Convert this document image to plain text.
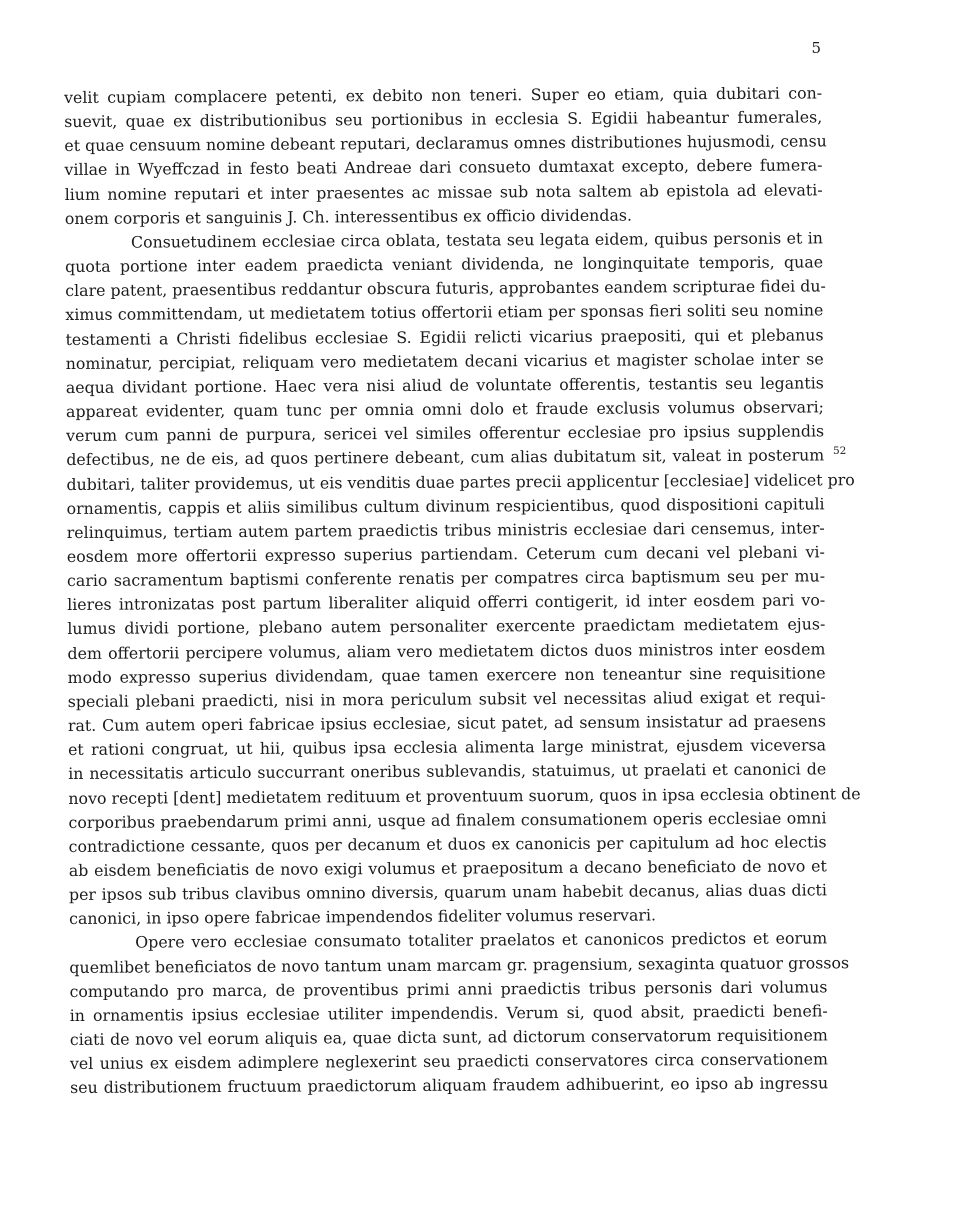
5
52
velit cupiam complacere petenti, ex debito non teneri. Super eo etiam, quia dubitari con-
suevit, quae ex distributionibus seu portionibus in ecclesia S. Egidii habeantur fumerales,
et quae censuum nomine debeant reputari, declaramus omnes distributiones hujusmodi, censu
villae in Wyeffczad in festo beati Andreae dari consueto dumtaxat excepto, debere fumera-
lium nomine reputari et inter praesentes ac missae sub nota saltem ab epistola ad elevati-
onem corporis et sanguinis J. Ch. interessentibus ex officio dividendas.
Consuetudinem ecclesiae circa oblata, testata seu legata eidem, quibus personis et in
quota portione inter eadem praedicta veniant dividenda, ne longinquitate temporis, quae
clare patent, praesentibus reddantur obscura futuris, approbantes eandem scripturae fidei du-
ximus committendam, ut medietatem totius offertorii etiam per sponsas fieri soliti seu nomine
testamenti a Christi fidelibus ecclesiae S. Egidii relicti vicarius praepositi, qui et plebanus
nominatur, percipiat, reliquam vero medietatem decani vicarius et magister scholae inter se
aequa dividant portione. Haec vera nisi aliud de voluntate offerentis, testantis seu legantis
appareat evidenter, quam tunc per omnia omni dolo et fraude exclusis volumus observari;
verum cum panni de purpura, sericei vel similes offerentur ecclesiae pro ipsius supplendis
defectibus, ne de eis, ad quos pertinere debeant, cum alias dubitatum sit, valeat in posterum
dubitari, taliter providemus, ut eis venditis duae partes precii applicentur [ecclesiae] videlicet pro
ornamentis, cappis et aliis similibus cultum divinum respicientibus, quod dispositioni capituli
relinquimus, tertiam autem partem praedictis tribus ministris ecclesiae dari censemus, inter-
eosdem more offertorii expresso superius partiendam. Ceterum cum decani vel plebani vi-
cario sacramentum baptismi conferente renatis per compatres circa baptismum seu per mu-
lieres intronizatas post partum liberaliter aliquid offerri contigerit, id inter eosdem pari vo-
lumus dividi portione, plebano autem personaliter exercente praedictam medietatem ejus-
dem offertorii percipere volumus, aliam vero medietatem dictos duos ministros inter eosdem
modo expresso superius dividendam, quae tamen exercere non teneantur sine requisitione
speciali plebani praedicti, nisi in mora periculum subsit vel necessitas aliud exigat et requi-
rat. Cum autem operi fabricae ipsius ecclesiae, sicut patet, ad sensum insistatur ad praesens
et rationi congruat, ut hii, quibus ipsa ecclesia alimenta large ministrat, ejusdem viceversa
in necessitatis articulo succurrant oneribus sublevandis, statuimus, ut praelati et canonici de
novo recepti [dent] medietatem redituum et proventuum suorum, quos in ipsa ecclesia obtinent de
corporibus praebendarum primi anni, usque ad finalem consumationem operis ecclesiae omni
contradictione cessante, quos per decanum et duos ex canonicis per capitulum ad hoc electis
ab eisdem beneficiatis de novo exigi volumus et praepositum a decano beneficiato de novo et
per ipsos sub tribus clavibus omnino diversis, quarum unam habebit decanus, alias duas dicti
canonici, in ipso opere fabricae impendendos fideliter volumus reservari.
Opere vero ecclesiae consumato totaliter praelatos et canonicos predictos et eorum
quemlibet beneficiatos de novo tantum unam marcam gr. pragensium, sexaginta quatuor grossos
computando pro marca, de proventibus primi anni praedictis tribus personis dari volumus
in ornamentis ipsius ecclesiae utiliter impendendis. Verum si, quod absit, praedicti benefi-
ciati de novo vel eorum aliquis ea, quae dicta sunt, ad dictorum conservatorum requisitionem
vel unius ex eisdem adimplere neglexerint seu praedicti conservatores circa conservationem
seu distributionem fructuum praedictorum aliquam fraudem adhibuerint, eo ipso ab ingressu
